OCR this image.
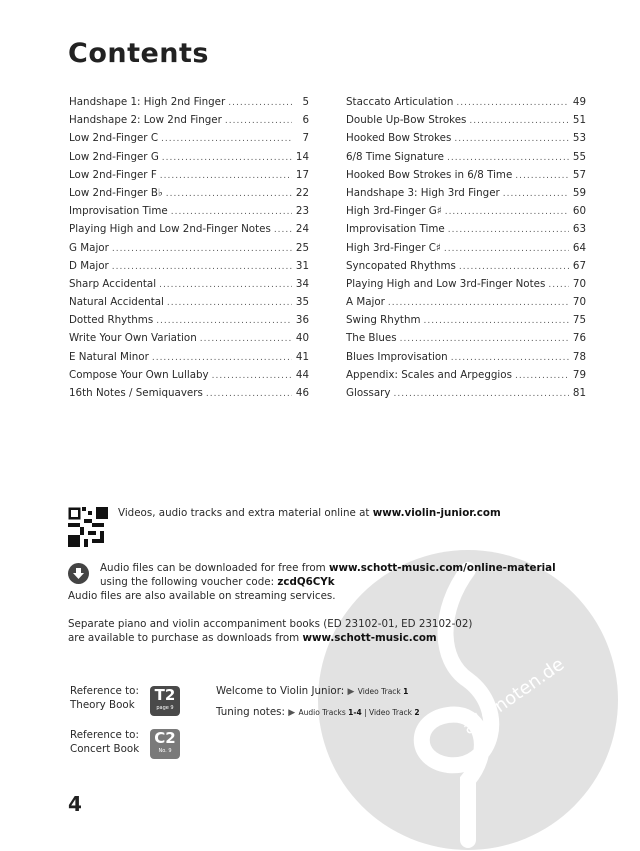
alle-noten.de
Contents
Handshape 1: High 2nd Finger .....	5
Handshape 2: Low 2nd Finger .....	6
Low 2nd-Finger C .....	7
Low 2nd-Finger G .....	14
Low 2nd-Finger F .....	17
Low 2nd-Finger B♭ .....	22
Improvisation Time .....	23
Playing High and Low 2nd-Finger Notes ..... 24
G Major .....	25
D Major .....	31
Sharp Accidental .....	34
Natural Accidental .....	35
Dotted Rhythms .....	36
Write Your Own Variation .....	40
E Natural Minor .....	41
Compose Your Own Lullaby .....	44
16th Notes / Semiquavers .....	46
Staccato Articulation .....	49
Double Up-Bow Strokes .....	51
Hooked Bow Strokes .....	53
6/8 Time Signature .....	55
Hooked Bow Strokes in 6/8 Time .....	57
Handshape 3: High 3rd Finger .....	59
High 3rd-Finger G♯ .....	60
Improvisation Time .....	63
High 3rd-Finger C♯ .....	64
Syncopated Rhythms .....	67
Playing High and Low 3rd-Finger Notes .....	70
A Major .....	70
Swing Rhythm .....	75
The Blues .....	76
Blues Improvisation .....	78
Appendix: Scales and Arpeggios .....	79
Glossary .....	81
Videos, audio tracks and extra material online at www.violin-junior.com
Audio files can be downloaded for free from www.schott-music.com/online-material
using the following voucher code: zcdQ6CYk
Audio files are also available on streaming services.
Separate piano and violin accompaniment books (ED 23102-01, ED 23102-02)
are available to purchase as downloads from www.schott-music.com
Reference to:
Theory Book
T2
page 9
Reference to:
Concert Book
C2
No. 9
Welcome to Violin Junior: ▶ Video Track 1
Tuning notes: ▶ Audio Tracks 1-4 | Video Track 2
4
